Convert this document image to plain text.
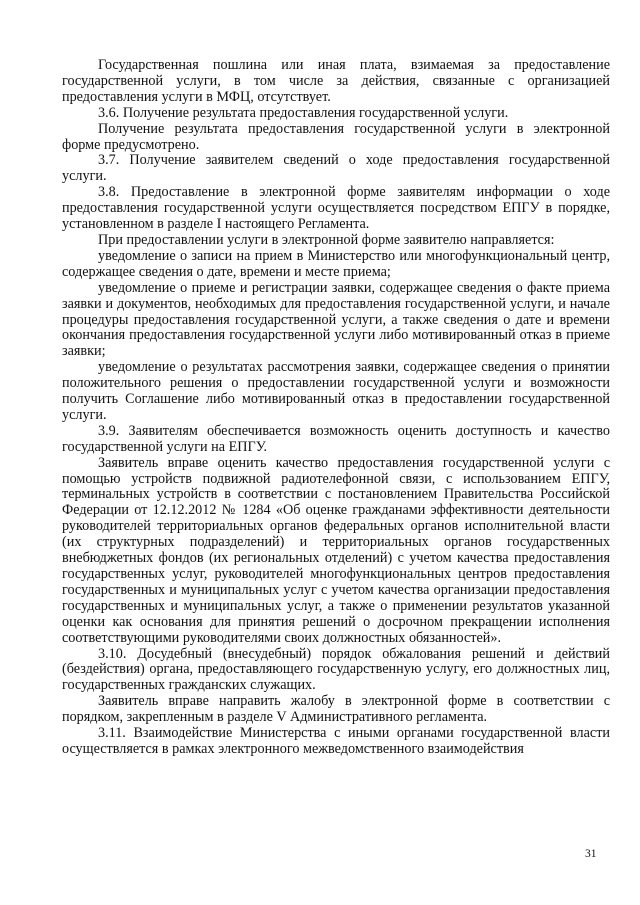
Государственная пошлина или иная плата, взимаемая за предоставление государственной услуги, в том числе за действия, связанные с организацией предоставления услуги в МФЦ, отсутствует.

3.6. Получение результата предоставления государственной услуги.

Получение результата предоставления государственной услуги в электронной форме предусмотрено.

3.7. Получение заявителем сведений о ходе предоставления государственной услуги.

3.8. Предоставление в электронной форме заявителям информации о ходе предоставления государственной услуги осуществляется посредством ЕПГУ в порядке, установленном в разделе I настоящего Регламента.

При предоставлении услуги в электронной форме заявителю направляется:

уведомление о записи на прием в Министерство или многофункциональный центр, содержащее сведения о дате, времени и месте приема;

уведомление о приеме и регистрации заявки, содержащее сведения о факте приема заявки и документов, необходимых для предоставления государственной услуги, и начале процедуры предоставления государственной услуги, а также сведения о дате и времени окончания предоставления государственной услуги либо мотивированный отказ в приеме заявки;

уведомление о результатах рассмотрения заявки, содержащее сведения о принятии положительного решения о предоставлении государственной услуги и возможности получить Соглашение либо мотивированный отказ в предоставлении государственной услуги.

3.9. Заявителям обеспечивается возможность оценить доступность и качество государственной услуги на ЕПГУ.

Заявитель вправе оценить качество предоставления государственной услуги с помощью устройств подвижной радиотелефонной связи, с использованием ЕПГУ, терминальных устройств в соответствии с постановлением Правительства Российской Федерации от 12.12.2012 № 1284 «Об оценке гражданами эффективности деятельности руководителей территориальных органов федеральных органов исполнительной власти (их структурных подразделений) и территориальных органов государственных внебюджетных фондов (их региональных отделений) с учетом качества предоставления государственных услуг, руководителей многофункциональных центров предоставления государственных и муниципальных услуг с учетом качества организации предоставления государственных и муниципальных услуг, а также о применении результатов указанной оценки как основания для принятия решений о досрочном прекращении исполнения соответствующими руководителями своих должностных обязанностей».

3.10. Досудебный (внесудебный) порядок обжалования решений и действий (бездействия) органа, предоставляющего государственную услугу, его должностных лиц, государственных гражданских служащих.

Заявитель вправе направить жалобу в электронной форме в соответствии с порядком, закрепленным в разделе V Административного регламента.

3.11. Взаимодействие Министерства с иными органами государственной власти осуществляется в рамках электронного межведомственного взаимодействия

31
